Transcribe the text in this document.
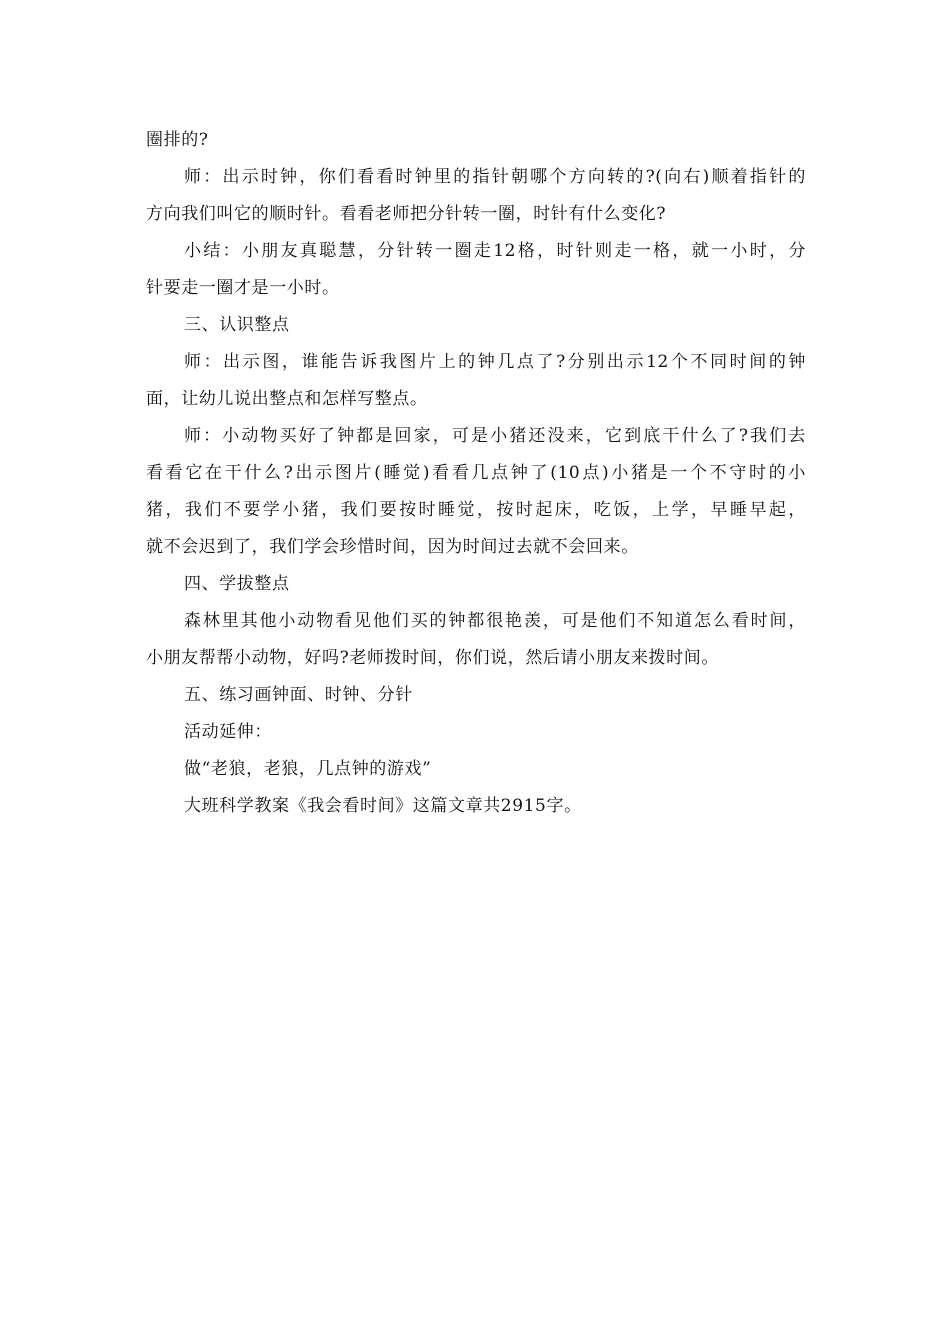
圈排的?
师：出示时钟，你们看看时钟里的指针朝哪个方向转的?(向右)顺着指针的
方向我们叫它的顺时针。看看老师把分针转一圈，时针有什么变化?
小结：小朋友真聪慧，分针转一圈走12格，时针则走一格，就一小时，分
针要走一圈才是一小时。
三、认识整点
师：出示图，谁能告诉我图片上的钟几点了?分别出示12个不同时间的钟
面，让幼儿说出整点和怎样写整点。
师：小动物买好了钟都是回家，可是小猪还没来，它到底干什么了?我们去
看看它在干什么?出示图片(睡觉)看看几点钟了(10点)小猪是一个不守时的小
猪，我们不要学小猪，我们要按时睡觉，按时起床，吃饭，上学，早睡早起，
就不会迟到了，我们学会珍惜时间，因为时间过去就不会回来。
四、学拔整点
森林里其他小动物看见他们买的钟都很艳羡，可是他们不知道怎么看时间，
小朋友帮帮小动物，好吗?老师拨时间，你们说，然后请小朋友来拨时间。
五、练习画钟面、时钟、分针
活动延伸：
做“老狼，老狼，几点钟的游戏”
大班科学教案《我会看时间》这篇文章共2915字。
